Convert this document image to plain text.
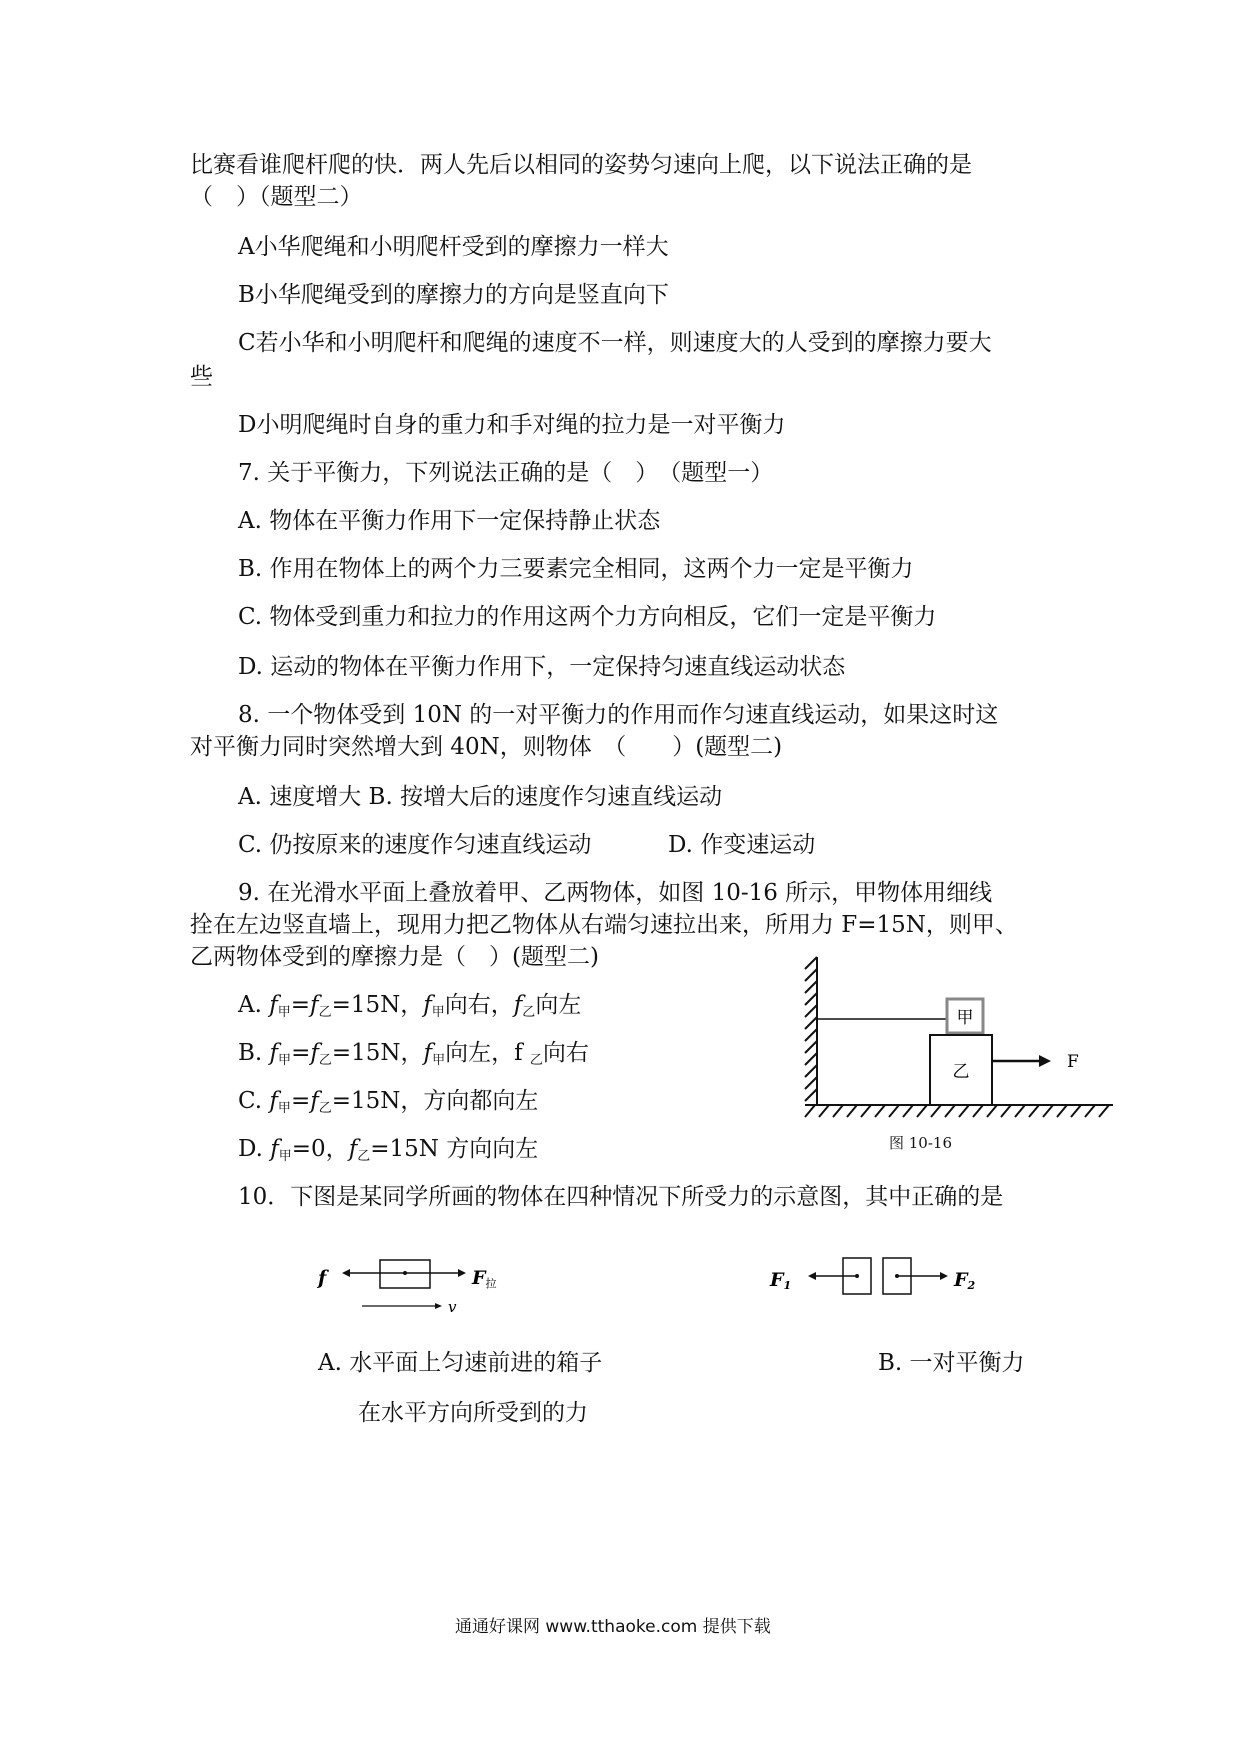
比赛看谁爬杆爬的快．两人先后以相同的姿势匀速向上爬，以下说法正确的是
（　）（题型二）
A小华爬绳和小明爬杆受到的摩擦力一样大
B小华爬绳受到的摩擦力的方向是竖直向下
C若小华和小明爬杆和爬绳的速度不一样，则速度大的人受到的摩擦力要大
些
D小明爬绳时自身的重力和手对绳的拉力是一对平衡力
7. 关于平衡力，下列说法正确的是（　）　（题型一）
A. 物体在平衡力作用下一定保持静止状态
B. 作用在物体上的两个力三要素完全相同，这两个力一定是平衡力
C. 物体受到重力和拉力的作用这两个力方向相反，它们一定是平衡力
D. 运动的物体在平衡力作用下，一定保持匀速直线运动状态
8. 一个物体受到 10N 的一对平衡力的作用而作匀速直线运动，如果这时这
对平衡力同时突然增大到 40N，则物体　（　　）(题型二)
A. 速度增大 B. 按增大后的速度作匀速直线运动
C. 仍按原来的速度作匀速直线运动	D. 作变速运动
9. 在光滑水平面上叠放着甲、乙两物体，如图 10-16 所示，甲物体用细线
拴在左边竖直墙上，现用力把乙物体从右端匀速拉出来，所用力 F=15N，则甲、
乙两物体受到的摩擦力是（　）(题型二)
A. f甲=f乙=15N，f甲向右，f乙向左
B. f甲=f乙=15N，f甲向左，f 乙向右
C. f甲=f乙=15N，方向都向左
D. f甲=0，f乙=15N 方向向左
甲
乙	F
图 10-16
10．下图是某同学所画的物体在四种情况下所受力的示意图，其中正确的是
f	F拉
v
F1	F2
A. 水平面上匀速前进的箱子
在水平方向所受到的力
B. 一对平衡力
通通好课网 www.tthaoke.com 提供下载
